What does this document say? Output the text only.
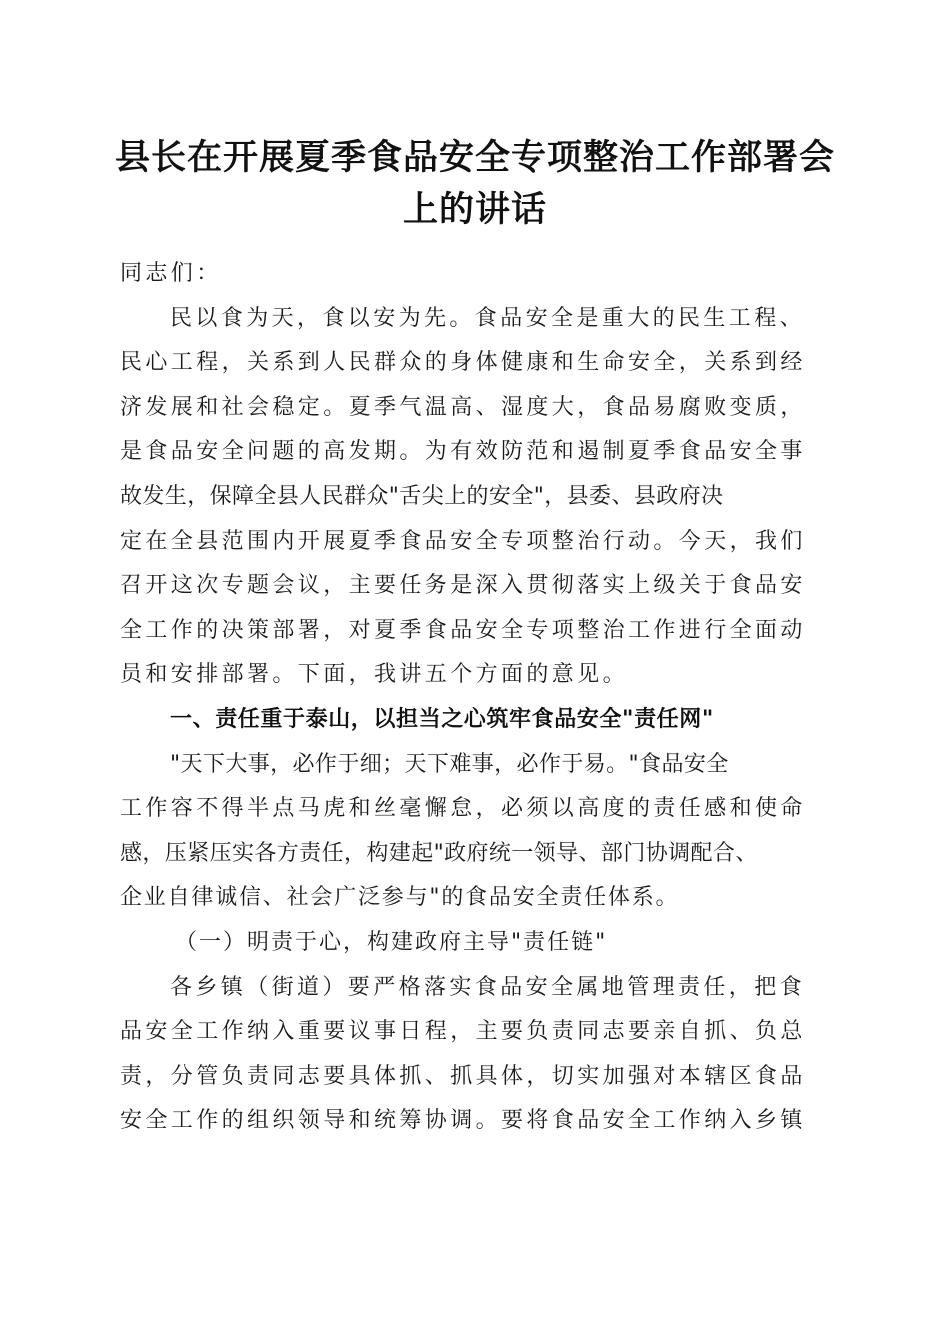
县长在开展夏季食品安全专项整治工作部署会
上的讲话
同志们：
民以食为天，食以安为先。食品安全是重大的民生工程、
民心工程，关系到人民群众的身体健康和生命安全，关系到经
济发展和社会稳定。夏季气温高、湿度大，食品易腐败变质，
是食品安全问题的高发期。为有效防范和遏制夏季食品安全事
故发生，保障全县人民群众"舌尖上的安全"，县委、县政府决
定在全县范围内开展夏季食品安全专项整治行动。今天，我们
召开这次专题会议，主要任务是深入贯彻落实上级关于食品安
全工作的决策部署，对夏季食品安全专项整治工作进行全面动
员和安排部署。下面，我讲五个方面的意见。
一、责任重于泰山，以担当之心筑牢食品安全"责任网"
"天下大事，必作于细；天下难事，必作于易。"食品安全
工作容不得半点马虎和丝毫懈怠，必须以高度的责任感和使命
感，压紧压实各方责任，构建起"政府统一领导、部门协调配合、
企业自律诚信、社会广泛参与"的食品安全责任体系。
（一）明责于心，构建政府主导"责任链"
各乡镇（街道）要严格落实食品安全属地管理责任，把食
品安全工作纳入重要议事日程，主要负责同志要亲自抓、负总
责，分管负责同志要具体抓、抓具体，切实加强对本辖区食品
安全工作的组织领导和统筹协调。要将食品安全工作纳入乡镇
